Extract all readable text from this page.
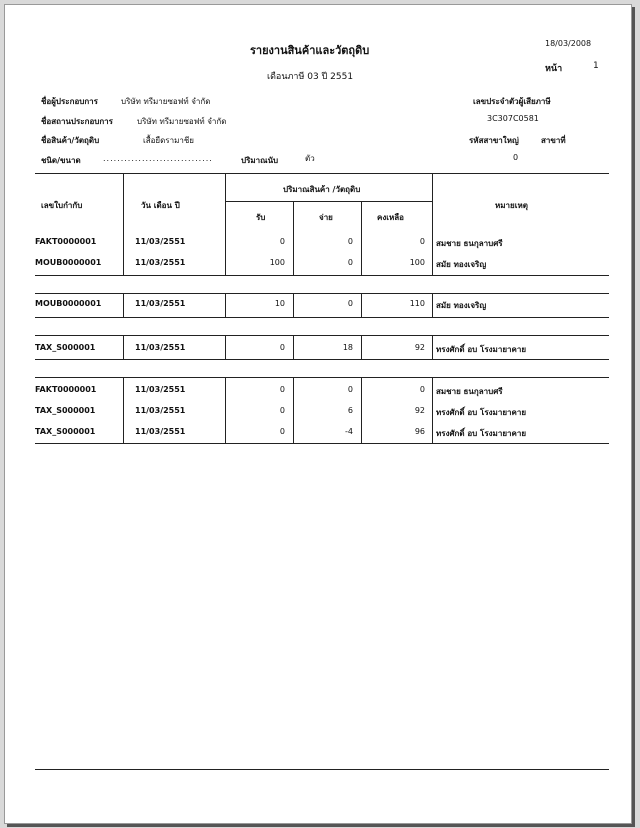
รายงานสินค้าและวัตถุดิบ
18/03/2008
เดือนภาษี 03 ปี 2551
หน้า	1
ชื่อผู้ประกอบการ	บริษัท ทรีมายซอฟท์ จำกัด
ชื่อสถานประกอบการ	บริษัท ทรีมายซอฟท์ จำกัด
ชื่อสินค้า/วัตถุดิบ	เสื้อยืดรามาชีย
ชนิด/ขนาด	...............................	ปริมาณนับ	ตัว
เลขประจำตัวผู้เสียภาษี
3C307C0581
รหัสสาขาใหญ่	สาขาที่
0
เลขใบกำกับ	วัน เดือน ปี
ปริมาณสินค้า /วัตถุดิบ
รับ	จ่าย	คงเหลือ
หมายเหตุ
FAKT0000001	11/03/2551	0	0	0 สมชาย ธนกุลาบศรี
MOUB0000001	11/03/2551	100	0	100 สมัย ทองเจริญ
MOUB0000001	11/03/2551	10	0	110 สมัย ทองเจริญ
TAX_S000001	11/03/2551	0	18	92 ทรงศักดิ์ อบ โรงมายาคาย
FAKT0000001	11/03/2551	0	0	0 สมชาย ธนกุลาบศรี
TAX_S000001	11/03/2551	0	6	92 ทรงศักดิ์ อบ โรงมายาคาย
TAX_S000001	11/03/2551	0	-4	96 ทรงศักดิ์ อบ โรงมายาคาย
